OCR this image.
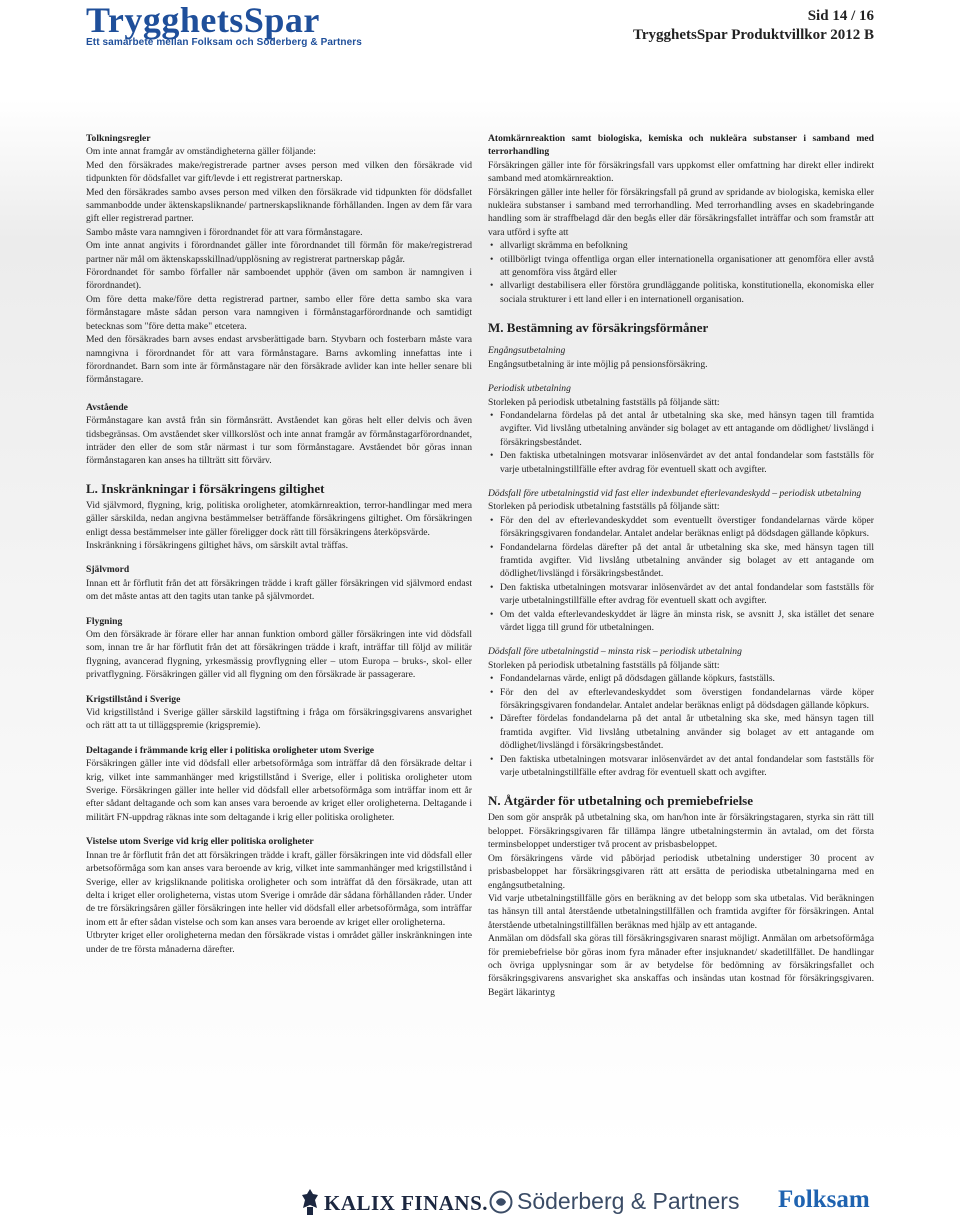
TrygghetsSpar
Ett samarbete mellan Folksam och Söderberg & Partners
Sid 14 / 16
TrygghetsSpar Produktvillkor 2012 B

Tolkningsregler

Om inte annat framgår av omständigheterna gäller följande:

Med den försäkrades make/registrerade partner avses person med vilken den försäkrade vid tidpunkten för dödsfallet var gift/levde i ett registrerat partnerskap.

Med den försäkrades sambo avses person med vilken den försäkrade vid tidpunkten för dödsfallet sammanbodde under äktenskapsliknande/ partnerskapsliknande förhållanden. Ingen av dem får vara gift eller registrerad partner.

Sambo måste vara namngiven i förordnandet för att vara förmånstagare.

Om inte annat angivits i förordnandet gäller inte förordnandet till förmån för make/registrerad partner när mål om äktenskapsskillnad/upplösning av registrerat partnerskap pågår.

Förordnandet för sambo förfaller när samboendet upphör (även om sambon är namngiven i förordnandet).

Om före detta make/före detta registrerad partner, sambo eller före detta sambo ska vara förmånstagare måste sådan person vara namngiven i förmånstagarförordnande och samtidigt betecknas som "före detta make" etcetera.

Med den försäkrades barn avses endast arvsberättigade barn. Styvbarn och fosterbarn måste vara namngivna i förordnandet för att vara förmånstagare. Barns avkomling innefattas inte i förordnandet. Barn som inte är förmånstagare när den försäkrade avlider kan inte heller senare bli förmånstagare.

Avstående

Förmånstagare kan avstå från sin förmånsrätt. Avståendet kan göras helt eller delvis och även tidsbegränsas. Om avståendet sker villkorslöst och inte annat framgår av förmånstagarförordnandet, inträder den eller de som står närmast i tur som förmånstagare. Avståendet bör göras innan förmånstagaren kan anses ha tillträtt sitt förvärv.

L. Inskränkningar i försäkringens giltighet

Vid självmord, flygning, krig, politiska oroligheter, atomkärnreaktion, terror-handlingar med mera gäller särskilda, nedan angivna bestämmelser beträffande försäkringens giltighet. Om försäkringen enligt dessa bestämmelser inte gäller föreligger dock rätt till försäkringens återköpsvärde.

Inskränkning i försäkringens giltighet hävs, om särskilt avtal träffas.

Självmord

Innan ett år förflutit från det att försäkringen trädde i kraft gäller försäkringen vid självmord endast om det måste antas att den tagits utan tanke på självmordet.

Flygning

Om den försäkrade är förare eller har annan funktion ombord gäller försäkringen inte vid dödsfall som, innan tre år har förflutit från det att försäkringen trädde i kraft, inträffar till följd av militär flygning, avancerad flygning, yrkesmässig provflygning eller – utom Europa – bruks-, skol- eller privatflygning. Försäkringen gäller vid all flygning om den försäkrade är passagerare.

Krigstillstånd i Sverige

Vid krigstillstånd i Sverige gäller särskild lagstiftning i fråga om försäkringsgivarens ansvarighet och rätt att ta ut tilläggspremie (krigspremie).

Deltagande i främmande krig eller i politiska oroligheter utom Sverige

Försäkringen gäller inte vid dödsfall eller arbetsoförmåga som inträffar då den försäkrade deltar i krig, vilket inte sammanhänger med krigstillstånd i Sverige, eller i politiska oroligheter utom Sverige. Försäkringen gäller inte heller vid dödsfall eller arbetsoförmåga som inträffar inom ett år efter sådant deltagande och som kan anses vara beroende av kriget eller oroligheterna. Deltagande i militärt FN-uppdrag räknas inte som deltagande i krig eller politiska oroligheter.

Vistelse utom Sverige vid krig eller politiska oroligheter

Innan tre år förflutit från det att försäkringen trädde i kraft, gäller försäkringen inte vid dödsfall eller arbetsoförmåga som kan anses vara beroende av krig, vilket inte sammanhänger med krigstillstånd i Sverige, eller av krigsliknande politiska oroligheter och som inträffat då den försäkrade, utan att delta i kriget eller oroligheterna, vistas utom Sverige i område där sådana förhållanden råder. Under de tre försäkringsåren gäller försäkringen inte heller vid dödsfall eller arbetsoförmåga, som inträffar inom ett år efter sådan vistelse och som kan anses vara beroende av kriget eller oroligheterna.

Utbryter kriget eller oroligheterna medan den försäkrade vistas i området gäller inskränkningen inte under de tre första månaderna därefter.

Atomkärnreaktion samt biologiska, kemiska och nukleära substanser i samband med terrorhandling

Försäkringen gäller inte för försäkringsfall vars uppkomst eller omfattning har direkt eller indirekt samband med atomkärnreaktion.

Försäkringen gäller inte heller för försäkringsfall på grund av spridande av biologiska, kemiska eller nukleära substanser i samband med terrorhandling. Med terrorhandling avses en skadebringande handling som är straffbelagd där den begås eller där försäkringsfallet inträffar och som framstår att vara utförd i syfte att

• allvarligt skrämma en befolkning
• otillbörligt tvinga offentliga organ eller internationella organisationer att genomföra eller avstå att genomföra viss åtgärd eller
• allvarligt destabilisera eller förstöra grundläggande politiska, konstitutionella, ekonomiska eller sociala strukturer i ett land eller i en internationell organisation.

M. Bestämning av försäkringsförmåner

Engångsutbetalning

Engångsutbetalning är inte möjlig på pensionsförsäkring.

Periodisk utbetalning

Storleken på periodisk utbetalning fastställs på följande sätt:

• Fondandelarna fördelas på det antal år utbetalning ska ske, med hänsyn tagen till framtida avgifter. Vid livslång utbetalning använder sig bolaget av ett antagande om dödlighet/ livslängd i försäkringsbeståndet.
• Den faktiska utbetalningen motsvarar inlösenvärdet av det antal fondandelar som fastställs för varje utbetalningstillfälle efter avdrag för eventuell skatt och avgifter.

Dödsfall före utbetalningstid vid fast eller indexbundet efterlevandeskydd – periodisk utbetalning

Storleken på periodisk utbetalning fastställs på följande sätt:

• För den del av efterlevandeskyddet som eventuellt överstiger fondandelarnas värde köper försäkringsgivaren fondandelar. Antalet andelar beräknas enligt på dödsdagen gällande köpkurs.
• Fondandelarna fördelas därefter på det antal år utbetalning ska ske, med hänsyn tagen till framtida avgifter. Vid livslång utbetalning använder sig bolaget av ett antagande om dödlighet/livslängd i försäkringsbeståndet.
• Den faktiska utbetalningen motsvarar inlösenvärdet av det antal fondandelar som fastställs för varje utbetalningstillfälle efter avdrag för eventuell skatt och avgifter.
• Om det valda efterlevandeskyddet är lägre än minsta risk, se avsnitt J, ska istället det senare värdet ligga till grund för utbetalningen.

Dödsfall före utbetalningstid – minsta risk – periodisk utbetalning

Storleken på periodisk utbetalning fastställs på följande sätt:

• Fondandelarnas värde, enligt på dödsdagen gällande köpkurs, fastställs.
• För den del av efterlevandeskyddet som överstigen fondandelarnas värde köper försäkringsgivaren fondandelar. Antalet andelar beräknas enligt på dödsdagen gällande köpkurs.
• Därefter fördelas fondandelarna på det antal år utbetalning ska ske, med hänsyn tagen till framtida avgifter. Vid livslång utbetalning använder sig bolaget av ett antagande om dödlighet/livslängd i försäkringsbeståndet.
• Den faktiska utbetalningen motsvarar inlösenvärdet av det antal fondandelar som fastställs för varje utbetalningstillfälle efter avdrag för eventuell skatt och avgifter.

N. Åtgärder för utbetalning och premiebefrielse

Den som gör anspråk på utbetalning ska, om han/hon inte är försäkringstagaren, styrka sin rätt till beloppet. Försäkringsgivaren får tillämpa längre utbetalningstermin än avtalad, om det första terminsbeloppet understiger två procent av prisbasbeloppet.

Om försäkringens värde vid påbörjad periodisk utbetalning understiger 30 procent av prisbasbeloppet har försäkringsgivaren rätt att ersätta de periodiska utbetalningarna med en engångsutbetalning.

Vid varje utbetalningstillfälle görs en beräkning av det belopp som ska utbetalas. Vid beräkningen tas hänsyn till antal återstående utbetalningstillfällen och framtida avgifter för försäkringen. Antal återstående utbetalningstillfällen beräknas med hjälp av ett antagande.

Anmälan om dödsfall ska göras till försäkringsgivaren snarast möjligt. Anmälan om arbetsoförmåga för premiebefrielse bör göras inom fyra månader efter insjuknandet/ skadetillfället. De handlingar och övriga upplysningar som är av betydelse för bedömning av försäkringsfallet och försäkringsgivarens ansvarighet ska anskaffas och insändas utan kostnad för försäkringsgivaren. Begärt läkarintyg

KALIX FINANS. Söderberg & Partners Folksam
